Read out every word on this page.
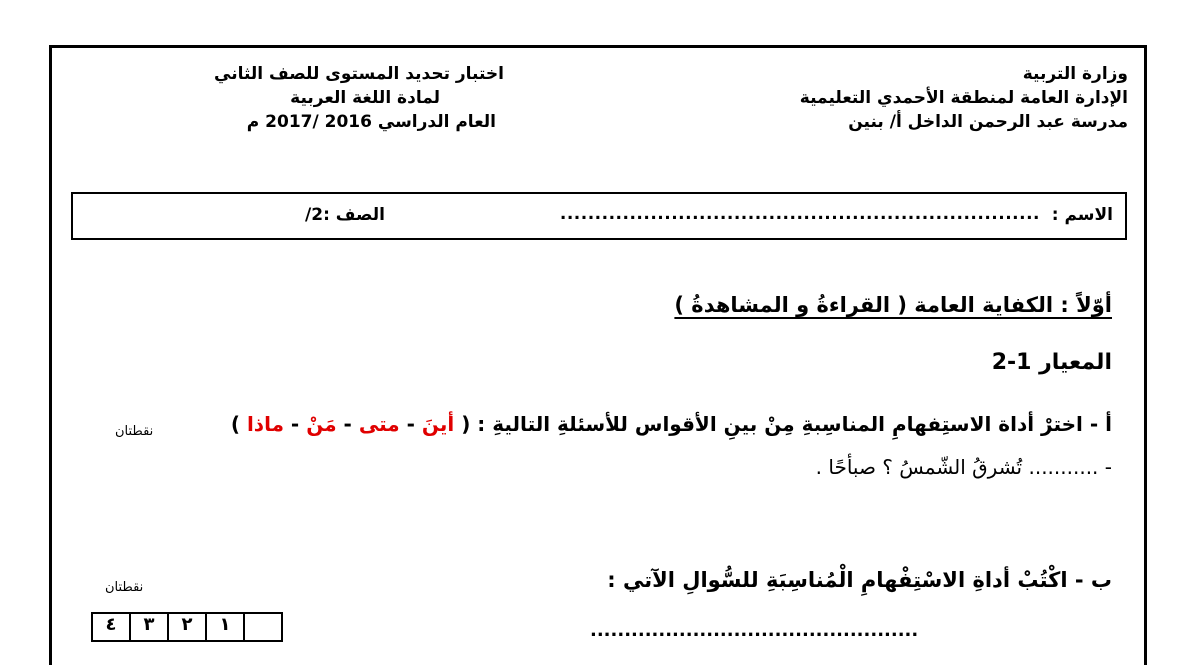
وزارة التربية
الإدارة العامة لمنطقة الأحمدي التعليمية
مدرسة عبد الرحمن الداخل أ/ بنين
اختبار تحديد المستوى للصف الثاني
لمادة اللغة العربية
العام الدراسي 2016 /2017 م
الاسم :
.....................................................................
الصف :2/
أوّلاً : الكفاية العامة ( القراءةُ و المشاهدةُ )
المعيار 1-2
أ - اخترْ أداة الاستِفهامِ المناسِبةِ مِنْ بينِ الأقواس للأسئلةِ التاليةِ : ( أينَ - متى - مَنْ - ماذا )
نقطتان
- ........... تُشرقُ الشّمسُ ؟ صبأحًا .
ب - اكْتُبْ أداةِ الاسْتِفْهامِ الْمُناسِبَةِ للسُّوالِ الآتي :
نقطتان
٤	٣	٢	١		................................................
